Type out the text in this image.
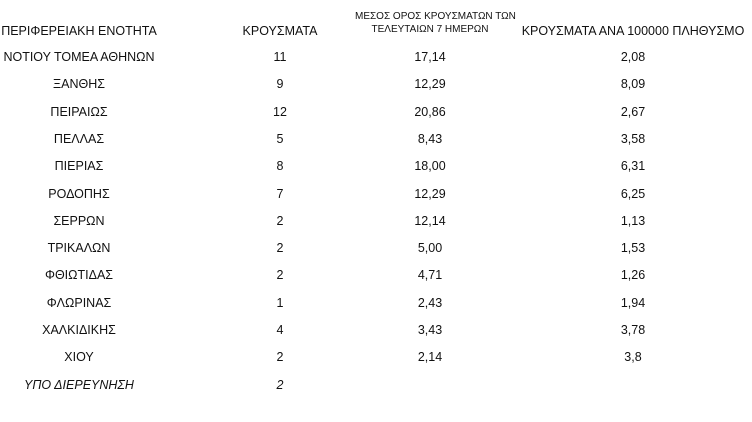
ΠΕΡΙΦΕΡΕΙΑΚΗ ΕΝΟΤΗΤΑ	ΚΡΟΥΣΜΑΤΑ
ΜΕΣΟΣ ΟΡΟΣ ΚΡΟΥΣΜΑΤΩΝ ΤΩΝ
ΤΕΛΕΥΤΑΙΩΝ 7 ΗΜΕΡΩΝ	ΚΡΟΥΣΜΑΤΑ ΑΝΑ 100000 ΠΛΗΘΥΣΜΟ
ΝΟΤΙΟΥ ΤΟΜΕΑ ΑΘΗΝΩΝ	11	17,14	2,08
ΞΑΝΘΗΣ	9	12,29	8,09
ΠΕΙΡΑΙΩΣ	12	20,86	2,67
ΠΕΛΛΑΣ	5	8,43	3,58
ΠΙΕΡΙΑΣ	8	18,00	6,31
ΡΟΔΟΠΗΣ	7	12,29	6,25
ΣΕΡΡΩΝ	2	12,14	1,13
ΤΡΙΚΑΛΩΝ	2	5,00	1,53
ΦΘΙΩΤΙΔΑΣ	2	4,71	1,26
ΦΛΩΡΙΝΑΣ	1	2,43	1,94
ΧΑΛΚΙΔΙΚΗΣ	4	3,43	3,78
ΧΙΟΥ	2	2,14	3,8
ΥΠΟ ΔΙΕΡΕΥΝΗΣΗ	2
